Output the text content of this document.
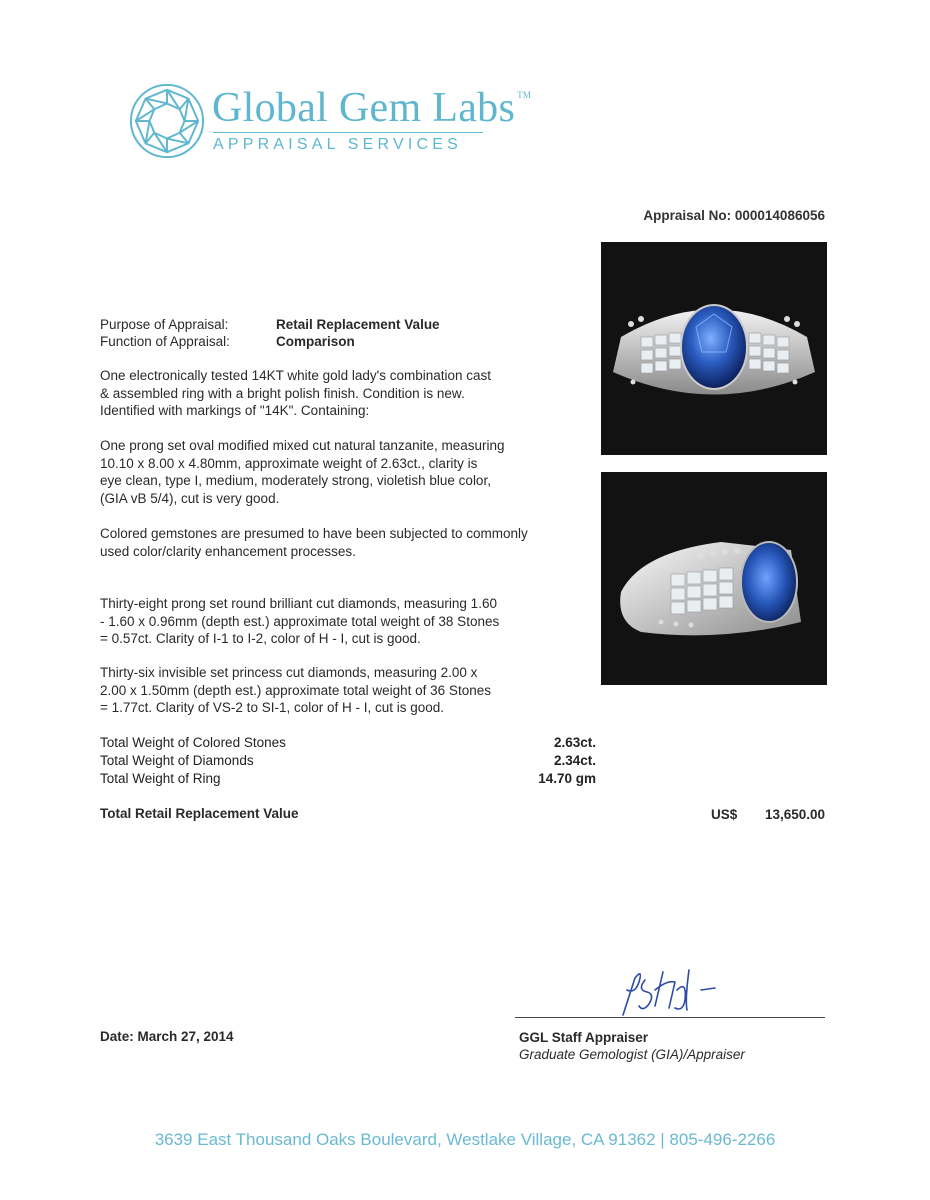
Global Gem Labs ™
APPRAISAL SERVICES
Appraisal No: 000014086056
Purpose of Appraisal:	Retail Replacement Value
Function of Appraisal:	Comparison
One electronically tested 14KT white gold lady's combination cast
& assembled ring with a bright polish finish. Condition is new.
Identified with markings of "14K". Containing:
One prong set oval modified mixed cut natural tanzanite, measuring
10.10 x 8.00 x 4.80mm, approximate weight of 2.63ct., clarity is
eye clean, type I, medium, moderately strong, violetish blue color,
(GIA vB 5/4), cut is very good.
Colored gemstones are presumed to have been subjected to commonly
used color/clarity enhancement processes.
Thirty-eight prong set round brilliant cut diamonds, measuring 1.60
- 1.60 x 0.96mm (depth est.) approximate total weight of 38 Stones
= 0.57ct. Clarity of I-1 to I-2, color of H - I, cut is good.
Thirty-six invisible set princess cut diamonds, measuring 2.00 x
2.00 x 1.50mm (depth est.) approximate total weight of 36 Stones
= 1.77ct. Clarity of VS-2 to SI-1, color of H - I, cut is good.
Total Weight of Colored Stones	2.63ct.
Total Weight of Diamonds	2.34ct.
Total Weight of Ring	14.70 gm
Total Retail Replacement Value	US$ 13,650.00
Date: March 27, 2014	GGL Staff Appraiser
Graduate Gemologist (GIA)/Appraiser
3639 East Thousand Oaks Boulevard, Westlake Village, CA 91362 | 805-496-2266
